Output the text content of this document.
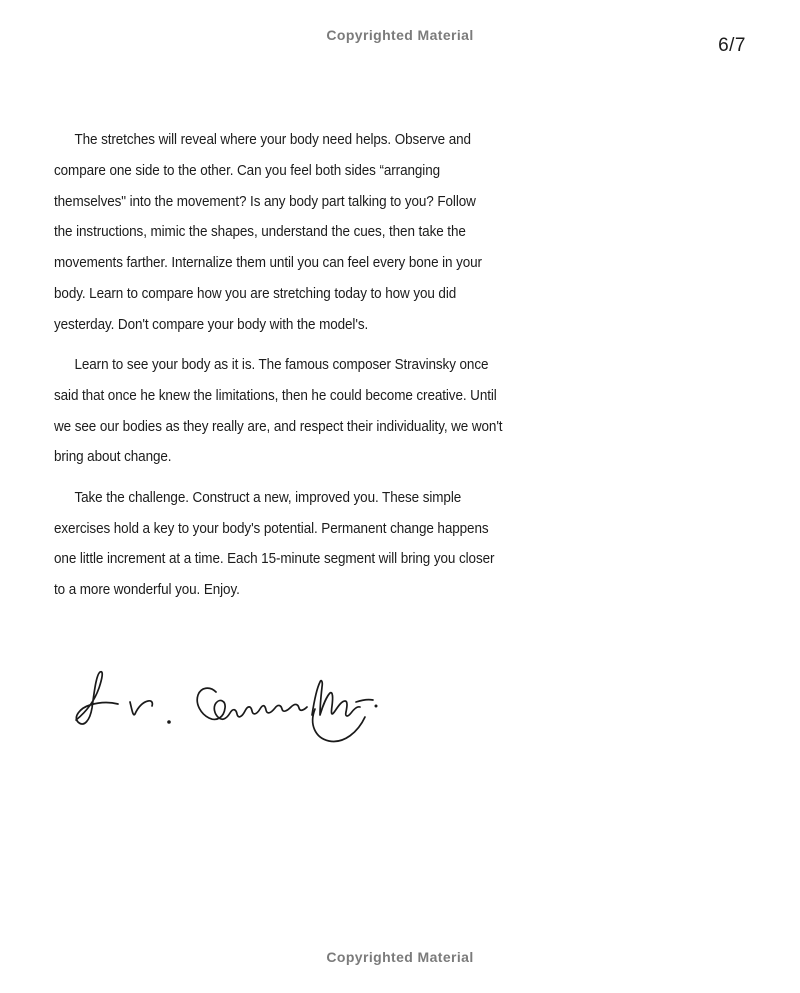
Copyrighted Material	6/7

The stretches will reveal where your body need helps. Observe and
compare one side to the other. Can you feel both sides “arranging
themselves" into the movement? Is any body part talking to you? Follow
the instructions, mimic the shapes, understand the cues, then take the
movements farther. Internalize them until you can feel every bone in your
body. Learn to compare how you are stretching today to how you did
yesterday. Don't compare your body with the model's.

Learn to see your body as it is. The famous composer Stravinsky once
said that once he knew the limitations, then he could become creative. Until
we see our bodies as they really are, and respect their individuality, we won't
bring about change.

Take the challenge. Construct a new, improved you. These simple
exercises hold a key to your body's potential. Permanent change happens
one little increment at a time. Each 15-minute segment will bring you closer
to a more wonderful you. Enjoy.

Copyrighted Material
